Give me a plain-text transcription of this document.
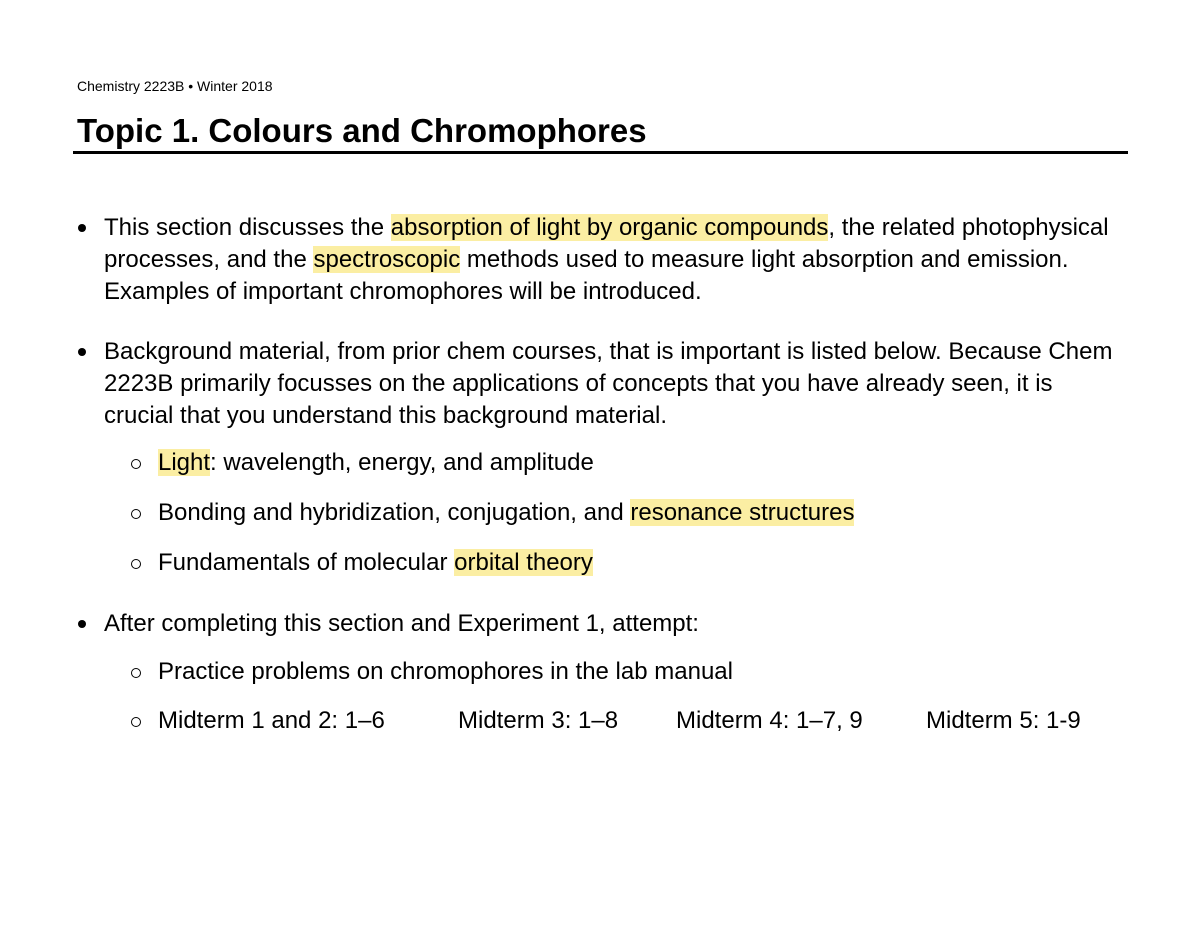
Chemistry 2223B • Winter 2018
Topic 1. Colours and Chromophores
This section discusses the absorption of light by organic compounds, the related photophysical processes, and the spectroscopic methods used to measure light absorption and emission. Examples of important chromophores will be introduced.
Background material, from prior chem courses, that is important is listed below. Because Chem 2223B primarily focusses on the applications of concepts that you have already seen, it is crucial that you understand this background material.
Light: wavelength, energy, and amplitude
Bonding and hybridization, conjugation, and resonance structures
Fundamentals of molecular orbital theory
After completing this section and Experiment 1, attempt:
Practice problems on chromophores in the lab manual
Midterm 1 and 2: 1–6	Midterm 3: 1–8 Midterm 4: 1–7, 9	Midterm 5: 1-9
